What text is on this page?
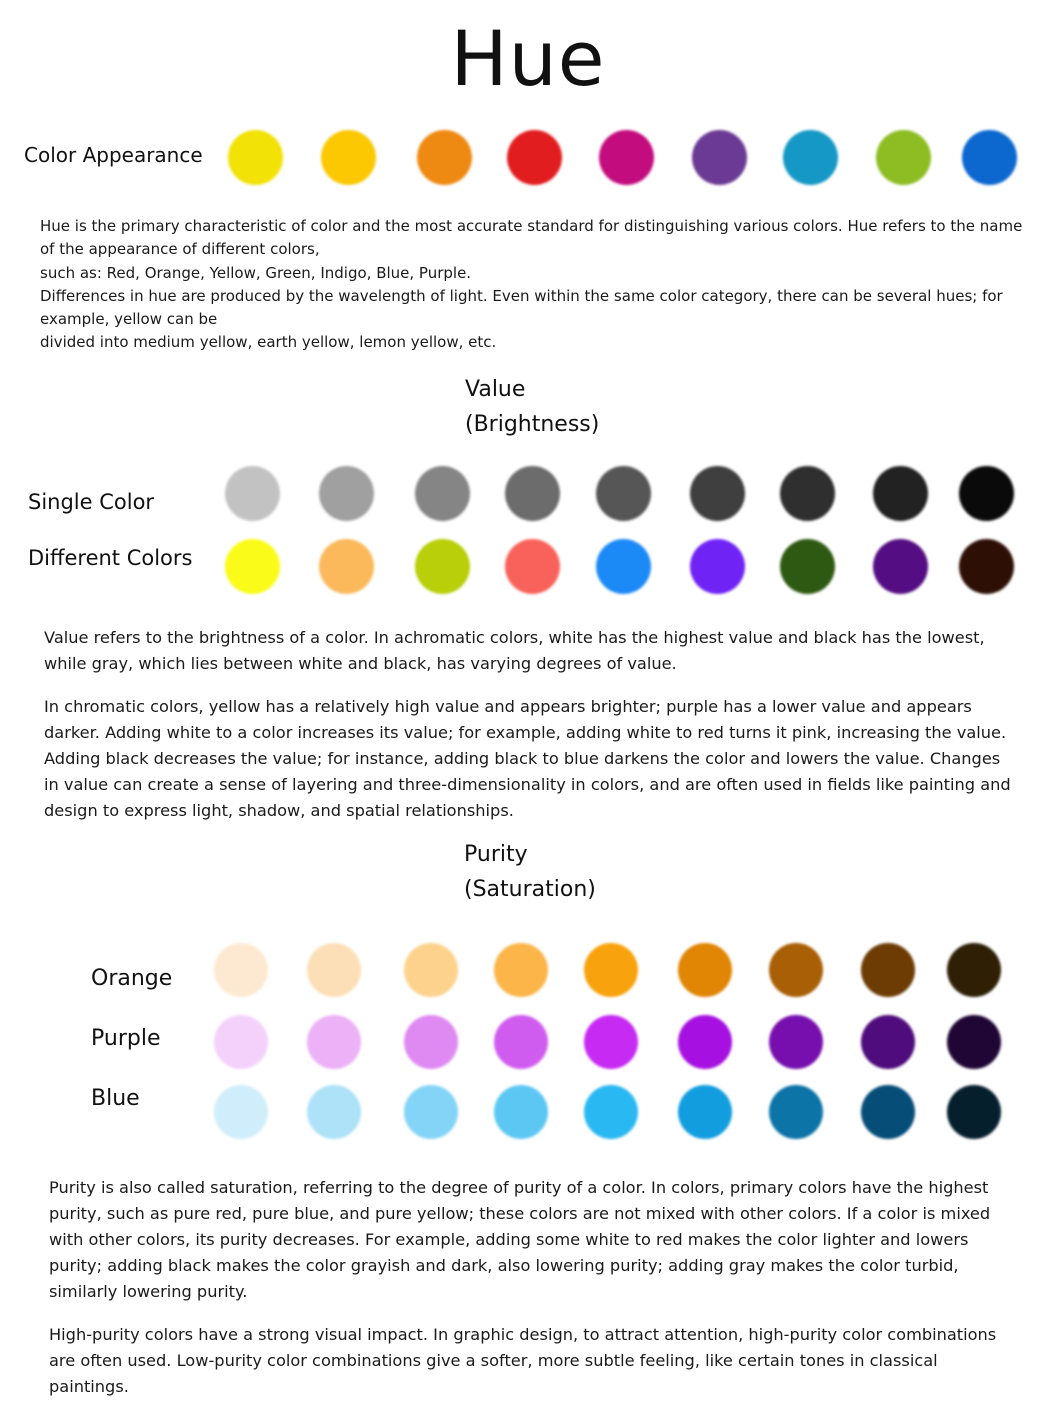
Hue
Color Appearance

Hue is the primary characteristic of color and the most accurate standard for distinguishing various colors. Hue refers to the name of the appearance of different colors,

such as: Red, Orange, Yellow, Green, Indigo, Blue, Purple.

Differences in hue are produced by the wavelength of light. Even within the same color category, there can be several hues; for example, yellow can be

divided into medium yellow, earth yellow, lemon yellow, etc.

Value
(Brightness)
Single Color
Different Colors

Value refers to the brightness of a color. In achromatic colors, white has the highest value and black has the lowest, while gray, which lies between white and black, has varying degrees of value.

In chromatic colors, yellow has a relatively high value and appears brighter; purple has a lower value and appears darker. Adding white to a color increases its value; for example, adding white to red turns it pink, increasing the value. Adding black decreases the value; for instance, adding black to blue darkens the color and lowers the value. Changes in value can create a sense of layering and three-dimensionality in colors, and are often used in fields like painting and design to express light, shadow, and spatial relationships.

Purity
(Saturation)
Orange
Purple
Blue

Purity is also called saturation, referring to the degree of purity of a color. In colors, primary colors have the highest purity, such as pure red, pure blue, and pure yellow; these colors are not mixed with other colors. If a color is mixed with other colors, its purity decreases. For example, adding some white to red makes the color lighter and lowers purity; adding black makes the color grayish and dark, also lowering purity; adding gray makes the color turbid, similarly lowering purity.

High-purity colors have a strong visual impact. In graphic design, to attract attention, high-purity color combinations are often used. Low-purity color combinations give a softer, more subtle feeling, like certain tones in classical paintings.
